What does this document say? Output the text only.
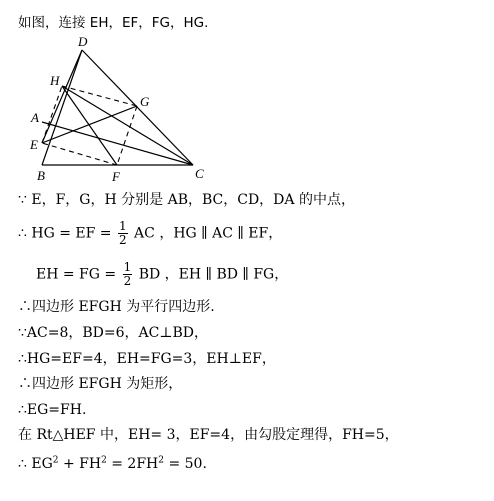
如图，连接 EH，EF，FG，HG.
D
H
G
A
E
B	F	C
∵ E，F，G，H 分别是 AB，BC，CD，DA 的中点，
∴ HG = EF = $\frac{1}{2}$ AC ，HG ∥ AC ∥ EF，
EH = FG = $\frac{1}{2}$ BD ，EH ∥ BD ∥ FG，
∴四边形 EFGH 为平行四边形.
∵AC=8，BD=6，AC⊥BD，
∴HG=EF=4，EH=FG=3，EH⊥EF，
∴四边形 EFGH 为矩形，
∴EG=FH.
在 Rt△HEF 中，EH= 3，EF=4，由勾股定理得，FH=5，
∴ $EG^2 + FH^2 = 2FH^2 = 50$.
